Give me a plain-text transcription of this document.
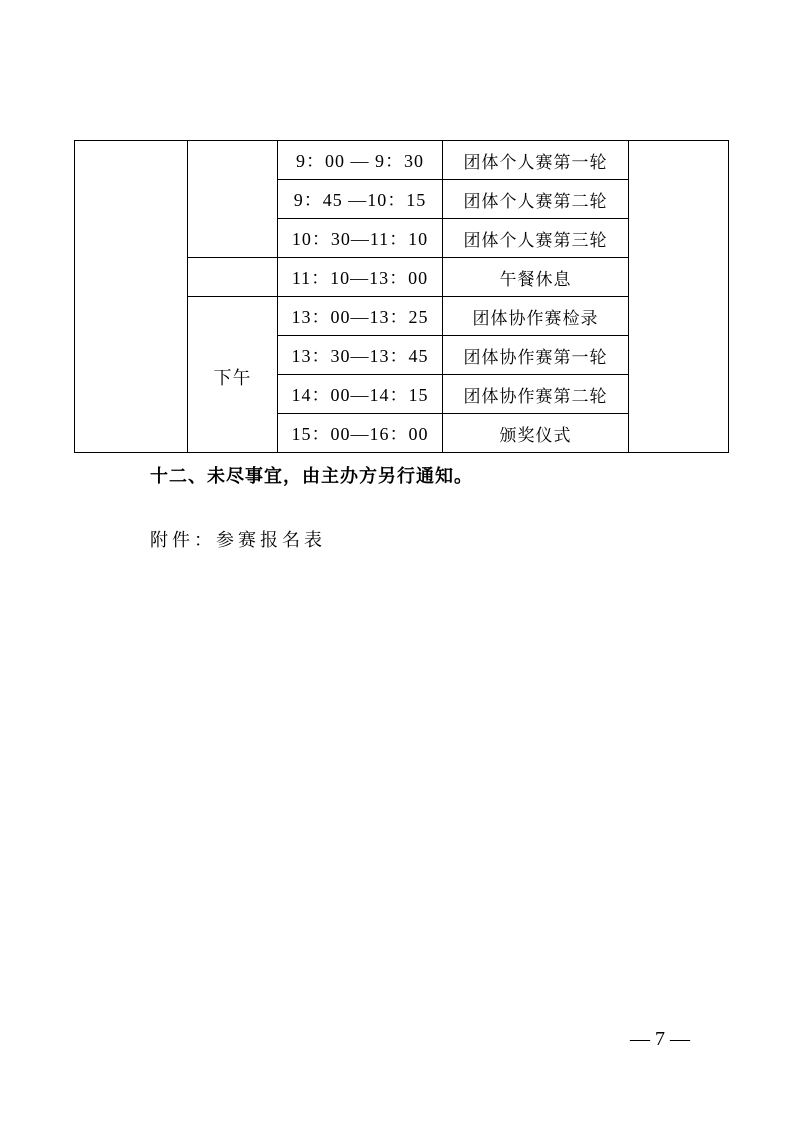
		9：00 — 9：30	团体个人赛第一轮	
		9：45 —10：15	团体个人赛第二轮	
		10：30—11：10	团体个人赛第三轮	
		11：10—13：00	午餐休息	
	下午	13：00—13：25	团体协作赛检录	
		13：30—13：45	团体协作赛第一轮	
		14：00—14：15	团体协作赛第二轮	
		15：00—16：00	颁奖仪式	

十二、未尽事宜，由主办方另行通知。

附件：参赛报名表

— 7 —
